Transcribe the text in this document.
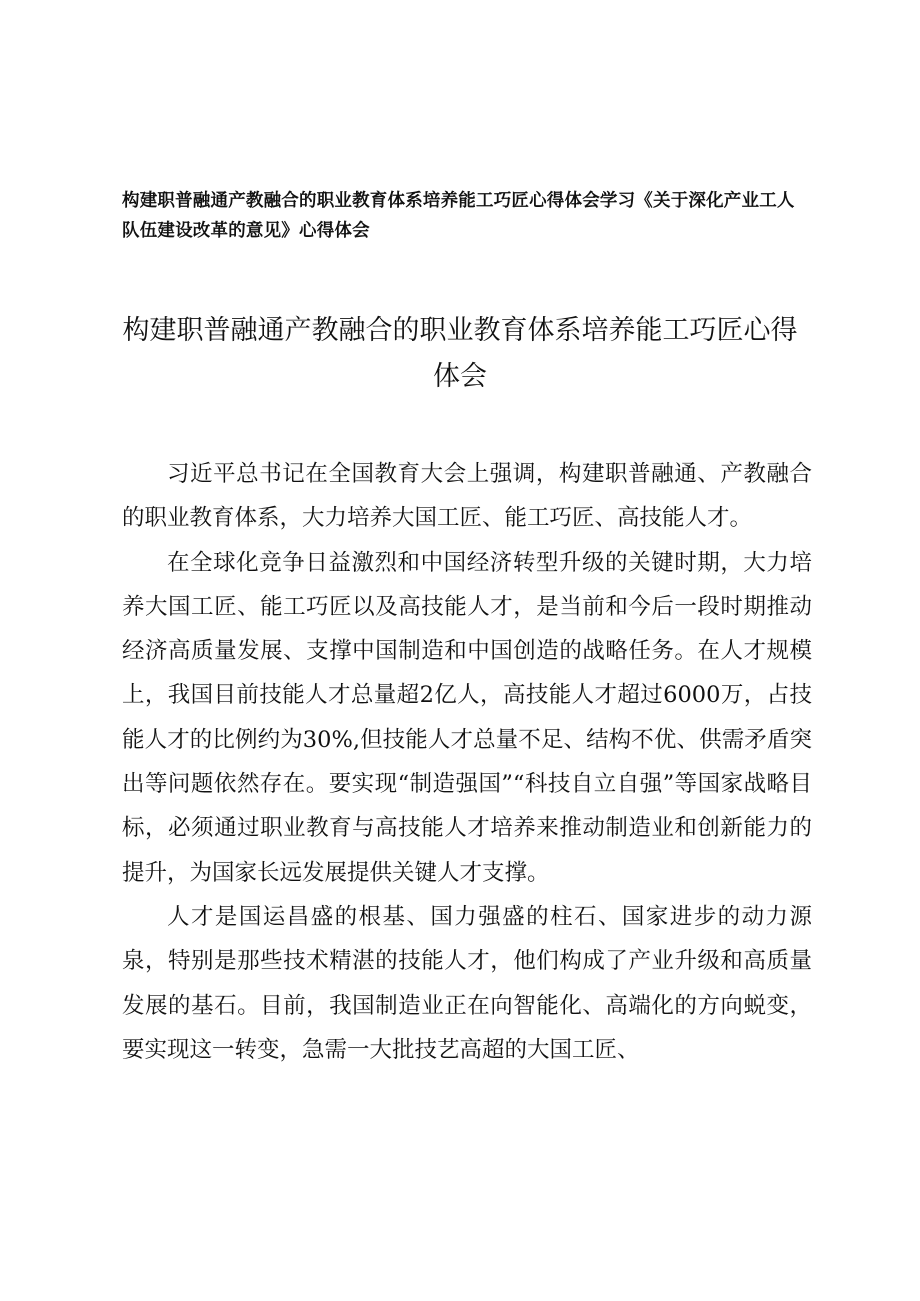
构建职普融通产教融合的职业教育体系培养能工巧匠心得体会学习《关于深化产业工人队伍建设改革的意见》心得体会
构建职普融通产教融合的职业教育体系培养能工巧匠心得体会

习近平总书记在全国教育大会上强调，构建职普融通、产教融合的职业教育体系，大力培养大国工匠、能工巧匠、高技能人才。

在全球化竞争日益激烈和中国经济转型升级的关键时期，大力培养大国工匠、能工巧匠以及高技能人才，是当前和今后一段时期推动经济高质量发展、支撑中国制造和中国创造的战略任务。在人才规模上，我国目前技能人才总量超2亿人，高技能人才超过6000万，占技能人才的比例约为30%,但技能人才总量不足、结构不优、供需矛盾突出等问题依然存在。要实现“制造强国”“科技自立自强”等国家战略目标，必须通过职业教育与高技能人才培养来推动制造业和创新能力的提升，为国家长远发展提供关键人才支撑。

人才是国运昌盛的根基、国力强盛的柱石、国家进步的动力源泉，特别是那些技术精湛的技能人才，他们构成了产业升级和高质量发展的基石。目前，我国制造业正在向智能化、高端化的方向蜕变，要实现这一转变，急需一大批技艺高超的大国工匠、
